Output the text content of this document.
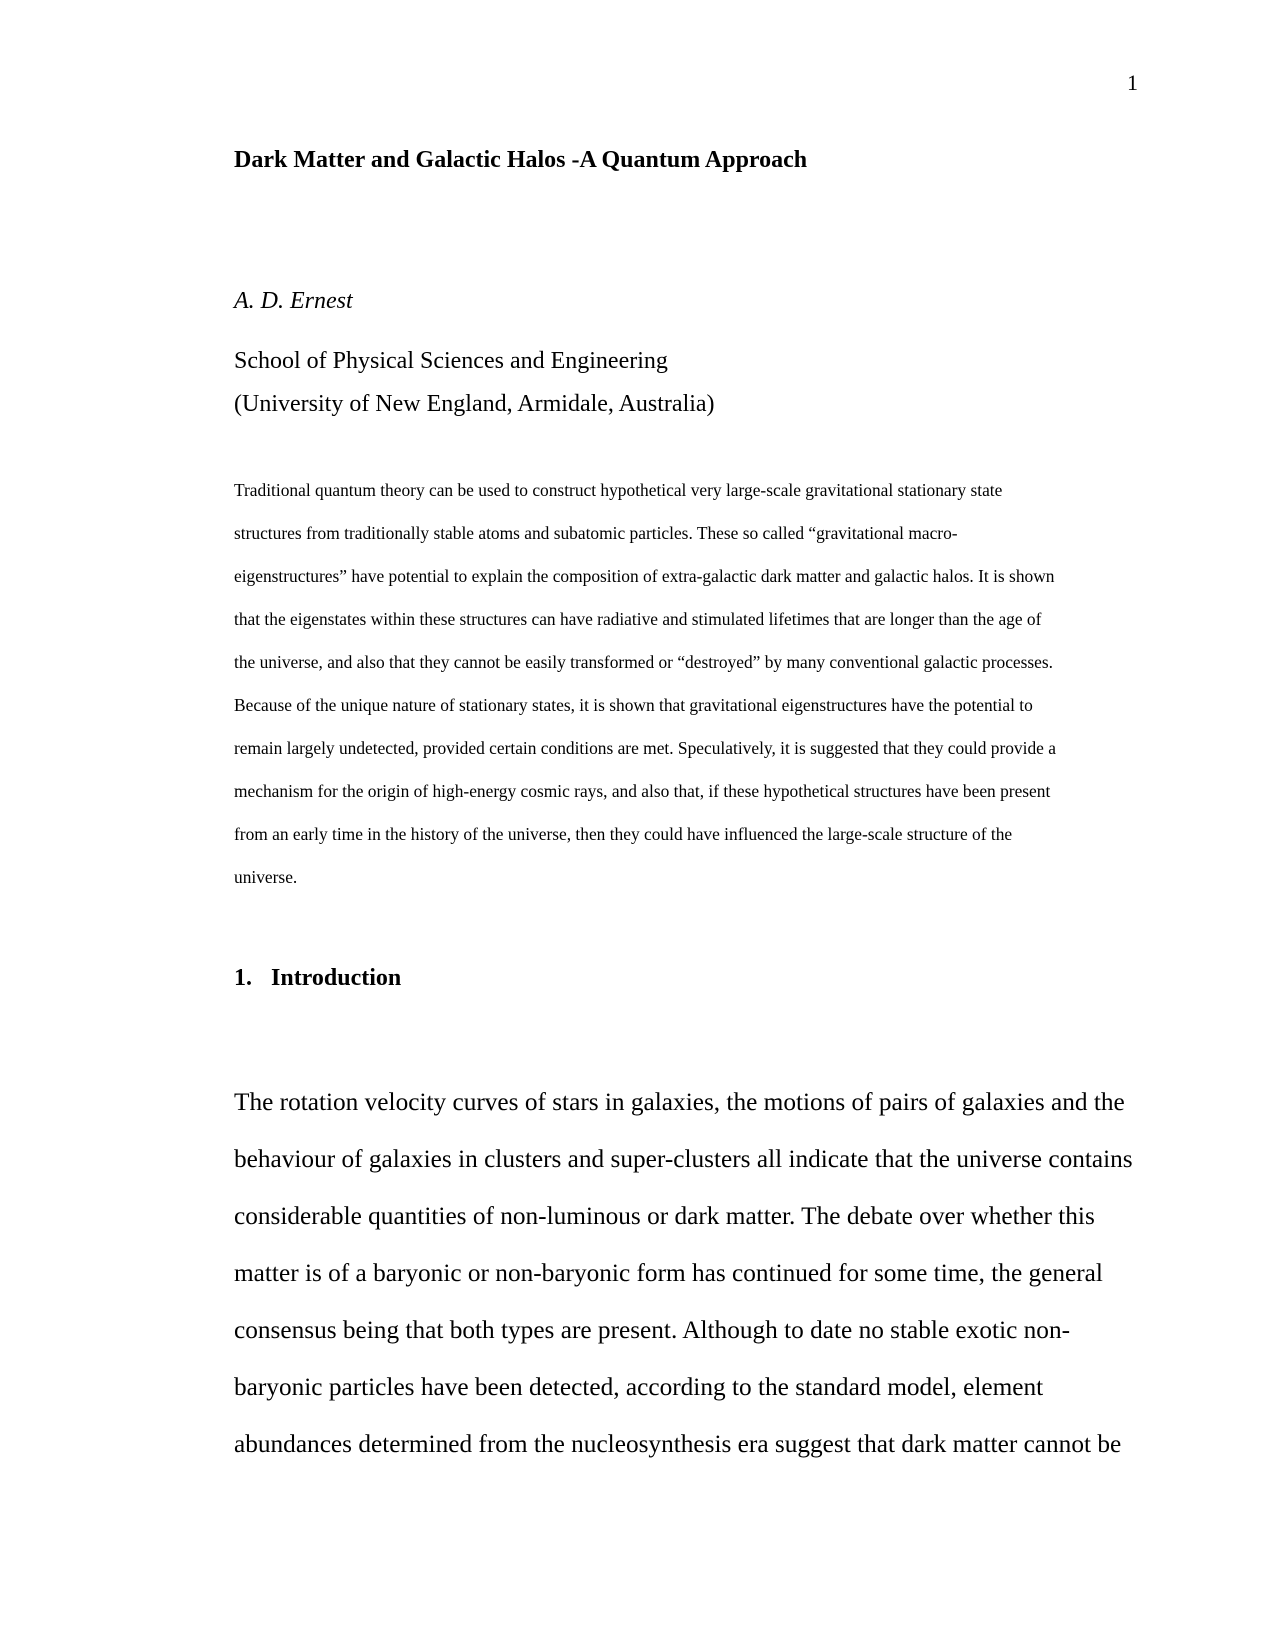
1
Dark Matter and Galactic Halos -A Quantum Approach
A. D. Ernest
School of Physical Sciences and Engineering
(University of New England, Armidale, Australia)
Traditional quantum theory can be used to construct hypothetical very large-scale gravitational stationary state
structures from traditionally stable atoms and subatomic particles. These so called “gravitational macro-
eigenstructures” have potential to explain the composition of extra-galactic dark matter and galactic halos. It is shown
that the eigenstates within these structures can have radiative and stimulated lifetimes that are longer than the age of
the universe, and also that they cannot be easily transformed or “destroyed” by many conventional galactic processes.
Because of the unique nature of stationary states, it is shown that gravitational eigenstructures have the potential to
remain largely undetected, provided certain conditions are met. Speculatively, it is suggested that they could provide a
mechanism for the origin of high-energy cosmic rays, and also that, if these hypothetical structures have been present
from an early time in the history of the universe, then they could have influenced the large-scale structure of the
universe.
1. Introduction
The rotation velocity curves of stars in galaxies, the motions of pairs of galaxies and the
behaviour of galaxies in clusters and super-clusters all indicate that the universe contains
considerable quantities of non-luminous or dark matter. The debate over whether this
matter is of a baryonic or non-baryonic form has continued for some time, the general
consensus being that both types are present. Although to date no stable exotic non-
baryonic particles have been detected, according to the standard model, element
abundances determined from the nucleosynthesis era suggest that dark matter cannot be
